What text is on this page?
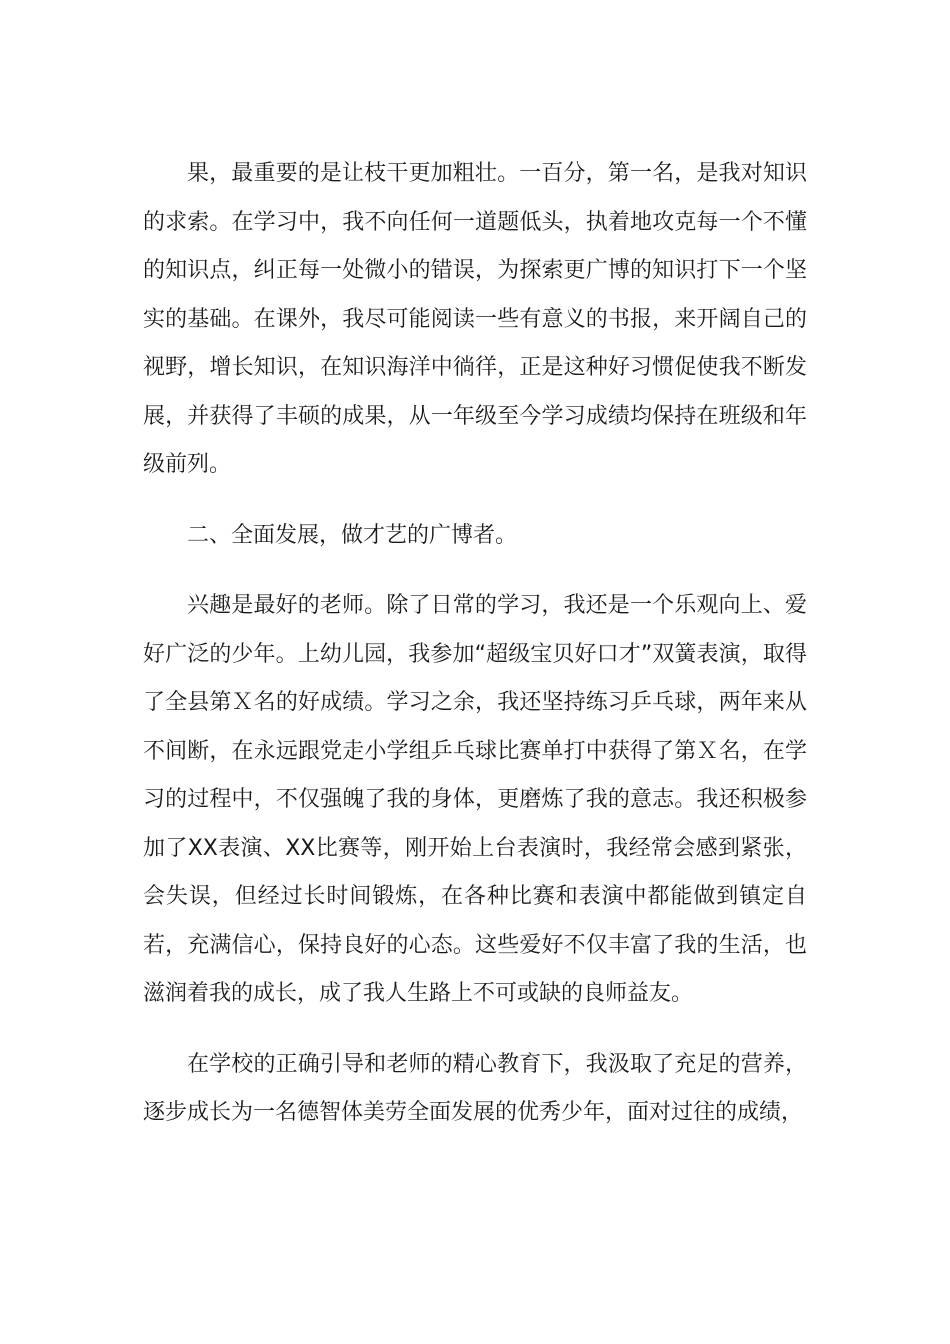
果，最重要的是让枝干更加粗壮。一百分，第一名，是我对知识的求索。在学习中，我不向任何一道题低头，执着地攻克每一个不懂的知识点，纠正每一处微小的错误，为探索更广博的知识打下一个坚实的基础。在课外，我尽可能阅读一些有意义的书报，来开阔自己的视野，增长知识，在知识海洋中徜徉，正是这种好习惯促使我不断发展，并获得了丰硕的成果，从一年级至今学习成绩均保持在班级和年级前列。

二、全面发展，做才艺的广博者。

兴趣是最好的老师。除了日常的学习，我还是一个乐观向上、爱好广泛的少年。上幼儿园，我参加“超级宝贝好口才”双簧表演，取得了全县第Ｘ名的好成绩。学习之余，我还坚持练习乒乓球，两年来从不间断，在永远跟党走小学组乒乓球比赛单打中获得了第Ｘ名，在学习的过程中，不仅强魄了我的身体，更磨炼了我的意志。我还积极参加了XX表演、XX比赛等，刚开始上台表演时，我经常会感到紧张，会失误，但经过长时间锻炼，在各种比赛和表演中都能做到镇定自若，充满信心，保持良好的心态。这些爱好不仅丰富了我的生活，也滋润着我的成长，成了我人生路上不可或缺的良师益友。

在学校的正确引导和老师的精心教育下，我汲取了充足的营养，逐步成长为一名德智体美劳全面发展的优秀少年，面对过往的成绩，
